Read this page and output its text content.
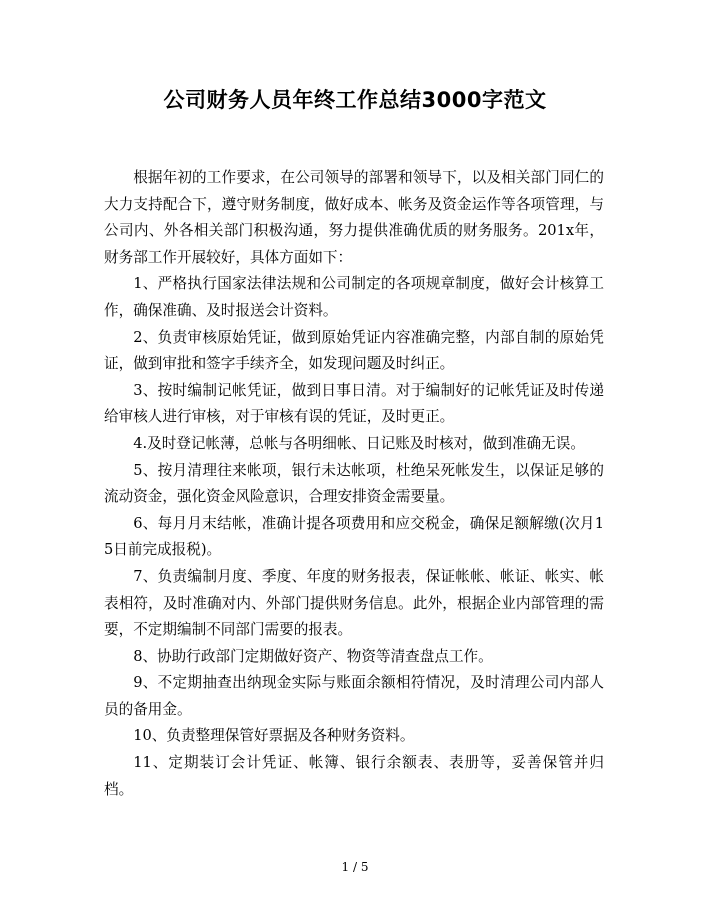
公司财务人员年终工作总结3000字范文

根据年初的工作要求，在公司领导的部署和领导下，以及相关部门同仁的大力支持配合下，遵守财务制度，做好成本、帐务及资金运作等各项管理，与公司内、外各相关部门积极沟通，努力提供准确优质的财务服务。201x年，财务部工作开展较好，具体方面如下：

1、严格执行国家法律法规和公司制定的各项规章制度，做好会计核算工作，确保准确、及时报送会计资料。

2、负责审核原始凭证，做到原始凭证内容准确完整，内部自制的原始凭证，做到审批和签字手续齐全，如发现问题及时纠正。

3、按时编制记帐凭证，做到日事日清。对于编制好的记帐凭证及时传递给审核人进行审核，对于审核有误的凭证，及时更正。

4.及时登记帐薄，总帐与各明细帐、日记账及时核对，做到准确无误。

5、按月清理往来帐项，银行未达帐项，杜绝呆死帐发生，以保证足够的流动资金，强化资金风险意识，合理安排资金需要量。

6、每月月末结帐，准确计提各项费用和应交税金，确保足额解缴(次月15日前完成报税)。

7、负责编制月度、季度、年度的财务报表，保证帐帐、帐证、帐实、帐表相符，及时准确对内、外部门提供财务信息。此外，根据企业内部管理的需要，不定期编制不同部门需要的报表。

8、协助行政部门定期做好资产、物资等清查盘点工作。

9、不定期抽查出纳现金实际与账面余额相符情况，及时清理公司内部人员的备用金。

10、负责整理保管好票据及各种财务资料。

11、定期装订会计凭证、帐簿、银行余额表、表册等，妥善保管并归档。

1 / 5
